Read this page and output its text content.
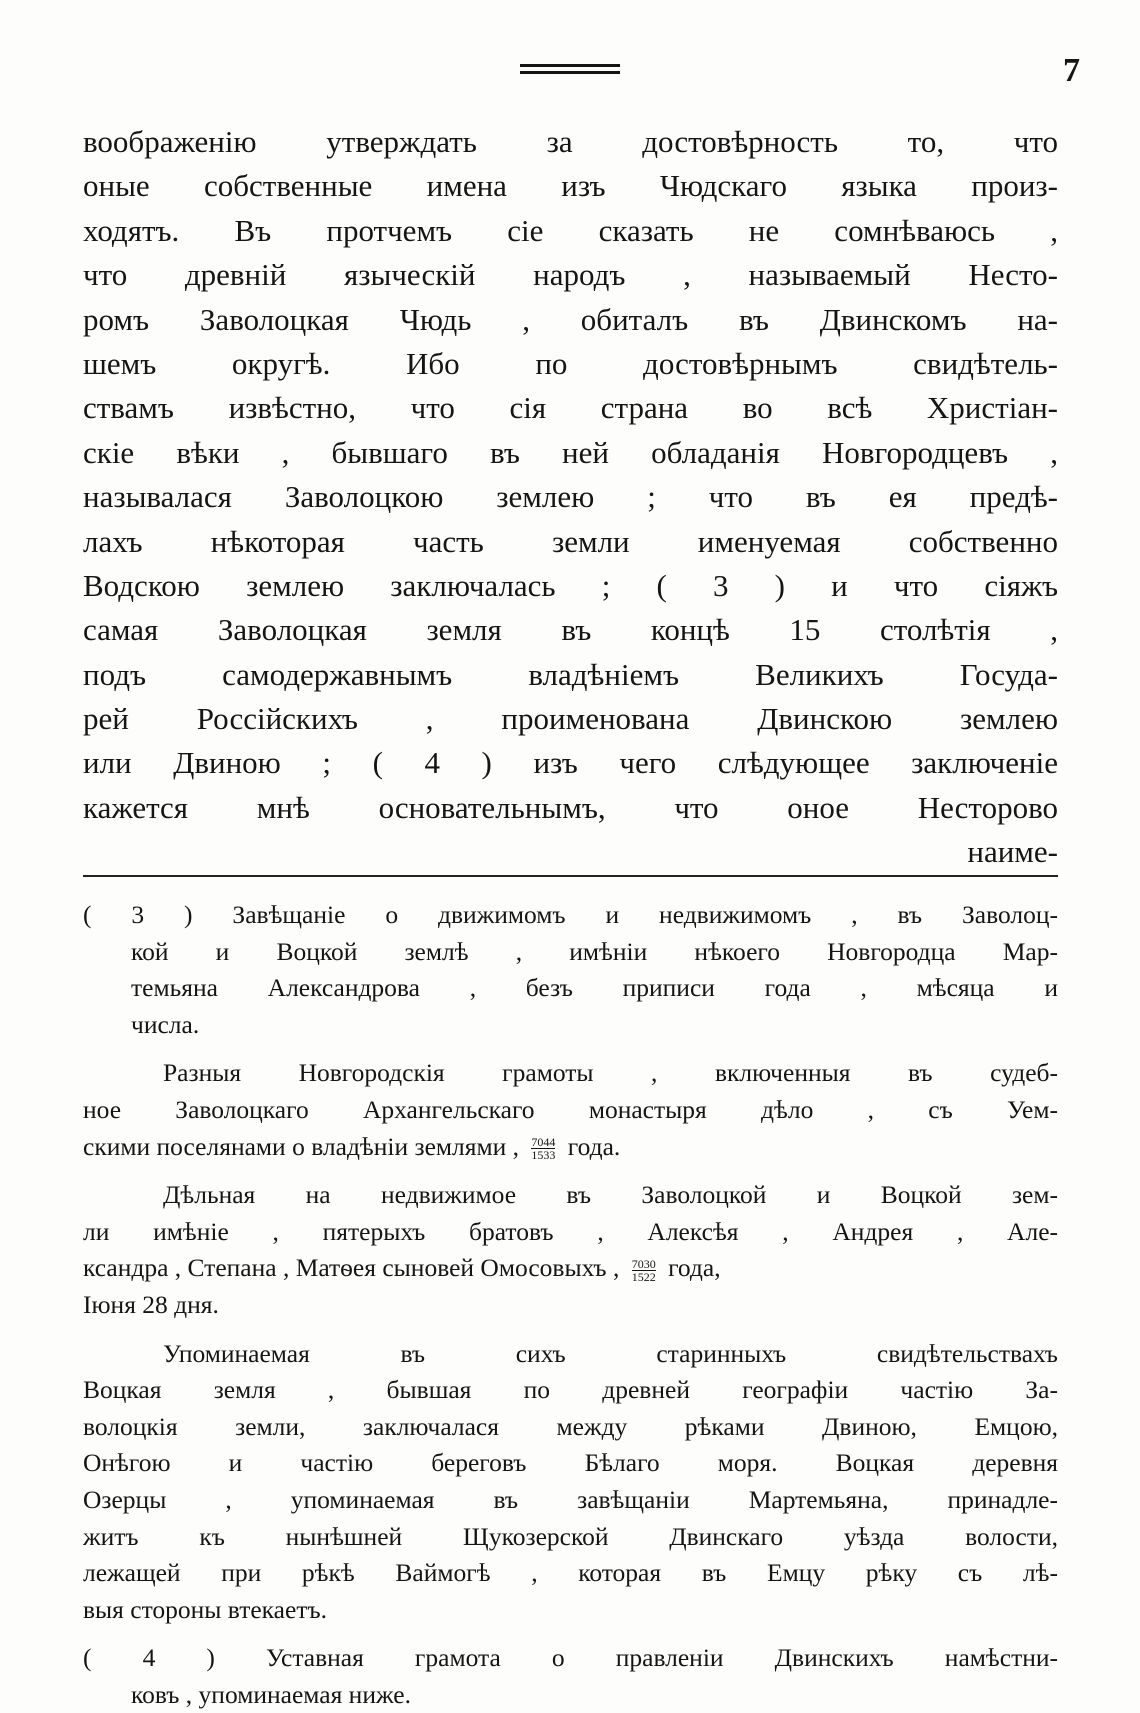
7
воображенію утверждать за достовѣрность то, что
оные собственные имена изъ Чюдскаго языка произ-
ходятъ. Въ протчемъ сіе сказать не сомнѣваюсь ,
что древній языческій народъ , называемый Несто-
ромъ Заволоцкая Чюдь , обиталъ въ Двинскомъ на-
шемъ округѣ. Ибо по достовѣрнымъ свидѣтель-
ствамъ извѣстно, что сія страна во всѣ Христіан-
скіе вѣки , бывшаго въ ней обладанія Новгородцевъ ,
называлася Заволоцкою землею ; что въ ея предѣ-
лахъ нѣкоторая часть земли именуемая собственно
Водскою землею заключалась ; ( 3 ) и что сіяжъ
самая Заволоцкая земля въ концѣ 15 столѣтія ,
подъ самодержавнымъ владѣніемъ Великихъ Госуда-
рей Россійскихъ , проименована Двинскою землею
или Двиною ; ( 4 ) изъ чего слѣдующее заключеніе
кажется мнѣ основательнымъ, что оное Несторово
наиме-
( 3 ) Завѣщаніе о движимомъ и недвижимомъ , въ Заволоц-
кой и Воцкой землѣ , имѣніи нѣкоего Новгородца Мар-
темьяна Александрова , безъ приписи года , мѣсяца и
числа.
Разныя Новгородскія грамоты , включенныя въ судеб-
ное Заволоцкаго Архангельскаго монастыря дѣло , съ Уем-
скими поселянами о владѣніи землями , $\frac{7044}{1533}$ года.
Дѣльная на недвижимое въ Заволоцкой и Воцкой зем-
ли имѣніе , пятерыхъ братовъ , Алексѣя , Андрея , Але-
ксандра , Степана , Матѳея сыновей Омосовыхъ , $\frac{7030}{1522}$ года,
Іюня 28 дня.
Упоминаемая въ сихъ старинныхъ свидѣтельствахъ
Воцкая земля , бывшая по древней географіи частію За-
волоцкія земли, заключалася между рѣками Двиною, Емцою,
Онѣгою и частію береговъ Бѣлаго моря. Воцкая деревня
Озерцы , упоминаемая въ завѣщаніи Мартемьяна, принадле-
житъ къ нынѣшней Щукозерской Двинскаго уѣзда волости,
лежащей при рѣкѣ Ваймогѣ , которая въ Емцу рѣку съ лѣ-
выя стороны втекаетъ.
( 4 ) Уставная грамота о правленіи Двинскихъ намѣстни-
ковъ , упоминаемая ниже.
